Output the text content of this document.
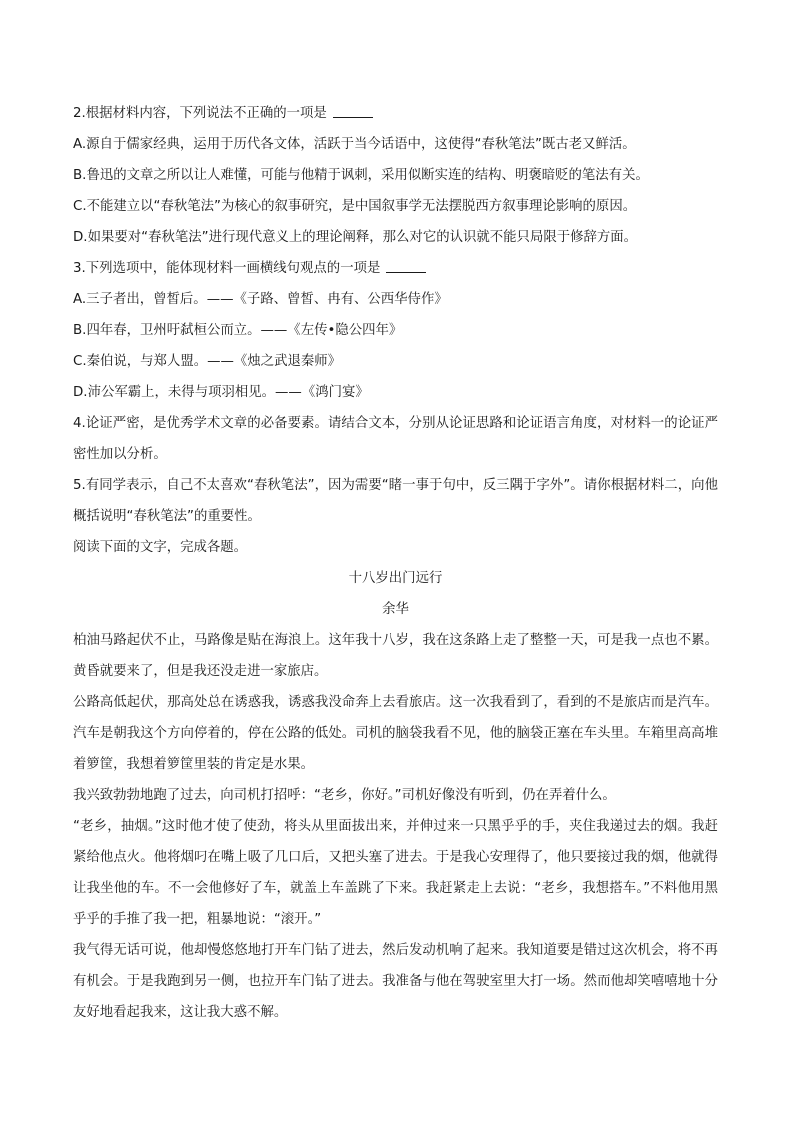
2.根据材料内容，下列说法不正确的一项是

A.源自于儒家经典，运用于历代各文体，活跃于当今话语中，这使得“春秋笔法”既古老又鲜活。

B.鲁迅的文章之所以让人难懂，可能与他精于讽刺，采用似断实连的结构、明褒暗贬的笔法有关。

C.不能建立以“春秋笔法”为核心的叙事研究，是中国叙事学无法摆脱西方叙事理论影响的原因。

D.如果要对“春秋笔法”进行现代意义上的理论阐释，那么对它的认识就不能只局限于修辞方面。

3.下列选项中，能体现材料一画横线句观点的一项是

A.三子者出，曾皙后。——《子路、曾皙、冉有、公西华侍作》

B.四年春，卫州吁弑桓公而立。——《左传•隐公四年》

C.秦伯说，与郑人盟。——《烛之武退秦师》

D.沛公军霸上，未得与项羽相见。——《鸿门宴》

4.论证严密，是优秀学术文章的必备要素。请结合文本，分别从论证思路和论证语言角度，对材料一的论证严密性加以分析。

5.有同学表示，自己不太喜欢“春秋笔法”，因为需要“睹一事于句中，反三隅于字外”。请你根据材料二，向他概括说明“春秋笔法”的重要性。

阅读下面的文字，完成各题。

十八岁出门远行

余华

柏油马路起伏不止，马路像是贴在海浪上。这年我十八岁，我在这条路上走了整整一天，可是我一点也不累。黄昏就要来了，但是我还没走进一家旅店。

公路高低起伏，那高处总在诱惑我，诱惑我没命奔上去看旅店。这一次我看到了，看到的不是旅店而是汽车。汽车是朝我这个方向停着的，停在公路的低处。司机的脑袋我看不见，他的脑袋正塞在车头里。车箱里高高堆着箩筐，我想着箩筐里装的肯定是水果。

我兴致勃勃地跑了过去，向司机打招呼：“老乡，你好。”司机好像没有听到，仍在弄着什么。

“老乡，抽烟。”这时他才使了使劲，将头从里面拔出来，并伸过来一只黑乎乎的手，夹住我递过去的烟。我赶紧给他点火。他将烟叼在嘴上吸了几口后，又把头塞了进去。于是我心安理得了，他只要接过我的烟，他就得让我坐他的车。不一会他修好了车，就盖上车盖跳了下来。我赶紧走上去说：“老乡，我想搭车。”不料他用黑乎乎的手推了我一把，粗暴地说：“滚开。”

我气得无话可说，他却慢悠悠地打开车门钻了进去，然后发动机响了起来。我知道要是错过这次机会，将不再有机会。于是我跑到另一侧，也拉开车门钻了进去。我准备与他在驾驶室里大打一场。然而他却笑嘻嘻地十分友好地看起我来，这让我大惑不解。
